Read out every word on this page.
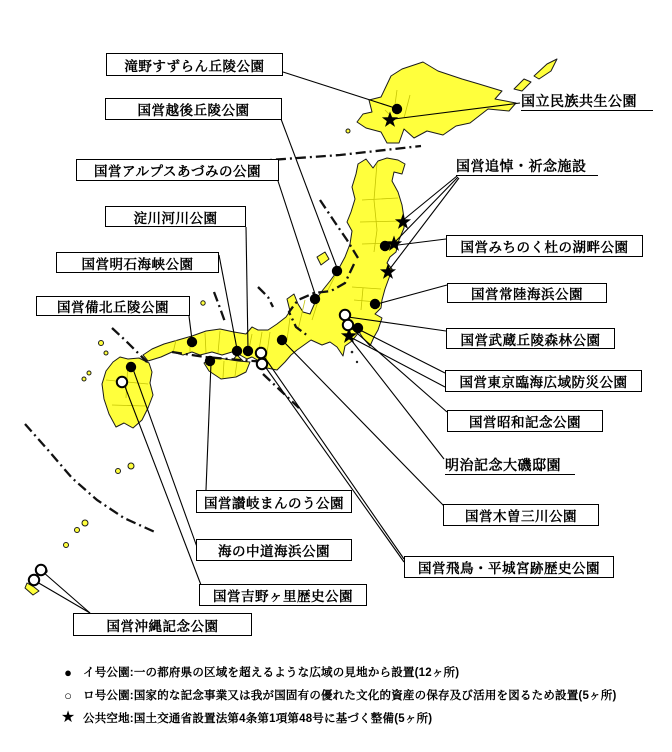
滝野すずらん丘陵公園
国立民族共生公園
国営越後丘陵公園
国営追悼・祈念施設
国営アルプスあづみの公園
国営みちのく杜の湖畔公園
淀川河川公園
国営常陸海浜公園
国営明石海峡公園
国営武蔵丘陵森林公園
国営備北丘陵公園
国営東京臨海広域防災公園
国営昭和記念公園
明治記念大磯邸園
国営木曽三川公園
国営飛鳥・平城宮跡歴史公園
国営讃岐まんのう公園
海の中道海浜公園
国営吉野ヶ里歴史公園
国営沖縄記念公園
● イ号公園:一の都府県の区域を超えるような広域の見地から設置(12ヶ所)
○ ロ号公園:国家的な記念事業又は我が国固有の優れた文化的資産の保存及び活用を図るため設置(5ヶ所)
★ 公共空地:国土交通省設置法第4条第1項第48号に基づく整備(5ヶ所)
